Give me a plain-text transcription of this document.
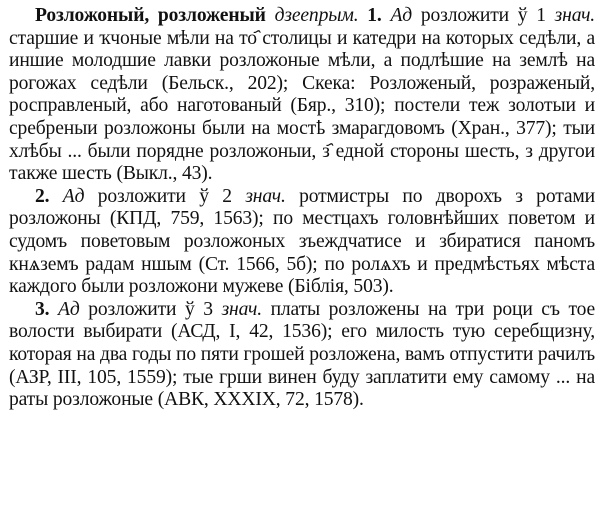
Розложоный, розложеный дзеепрым. 1. Ад розложити ў 1 знач. старшие и ҡчоные мѣли на то҄ столицы и катедри на которых седѣли, а иншие молодшие лавки розложоные мѣли, а подлѣшие на землѣ на рогожах седѣли (Бельск., 202); Скека: Розложеный, розраженый, росправленый, або наготованый (Бяр., 310); постели теж золотыи и сребреныи розложоны были на мостҍ змарагдовомъ (Хран., 377); тыи хлѣбы ... были порядне розложоныи, з҄ едной стороны шесть, з другои также шесть (Выкл., 43).

2. Ад розложити ў 2 знач. ротмистры по дворохъ з ротами розложоны (КПД, 759, 1563); по местцахъ головнѣйших поветом и судомъ поветовым розложоных зъеждчатисе и збиратися паномъ кнѧземъ радам ншым (Ст. 1566, 5б); по ролѧхъ и предмѣстьях мѣста каждого были розложони мужеве (Біблія, 503).

3. Ад розложити ў 3 знач. платы розложены на три роци съ тое волости выбирати (АСД, I, 42, 1536); его милость тую серебщизну, которая на два годы по пяти грошей розложена, вамъ отпустити рачилъ (АЗР, III, 105, 1559); тые грши винен буду заплатити ему самому ... на раты розложоные (АВК, XXXIX, 72, 1578).
